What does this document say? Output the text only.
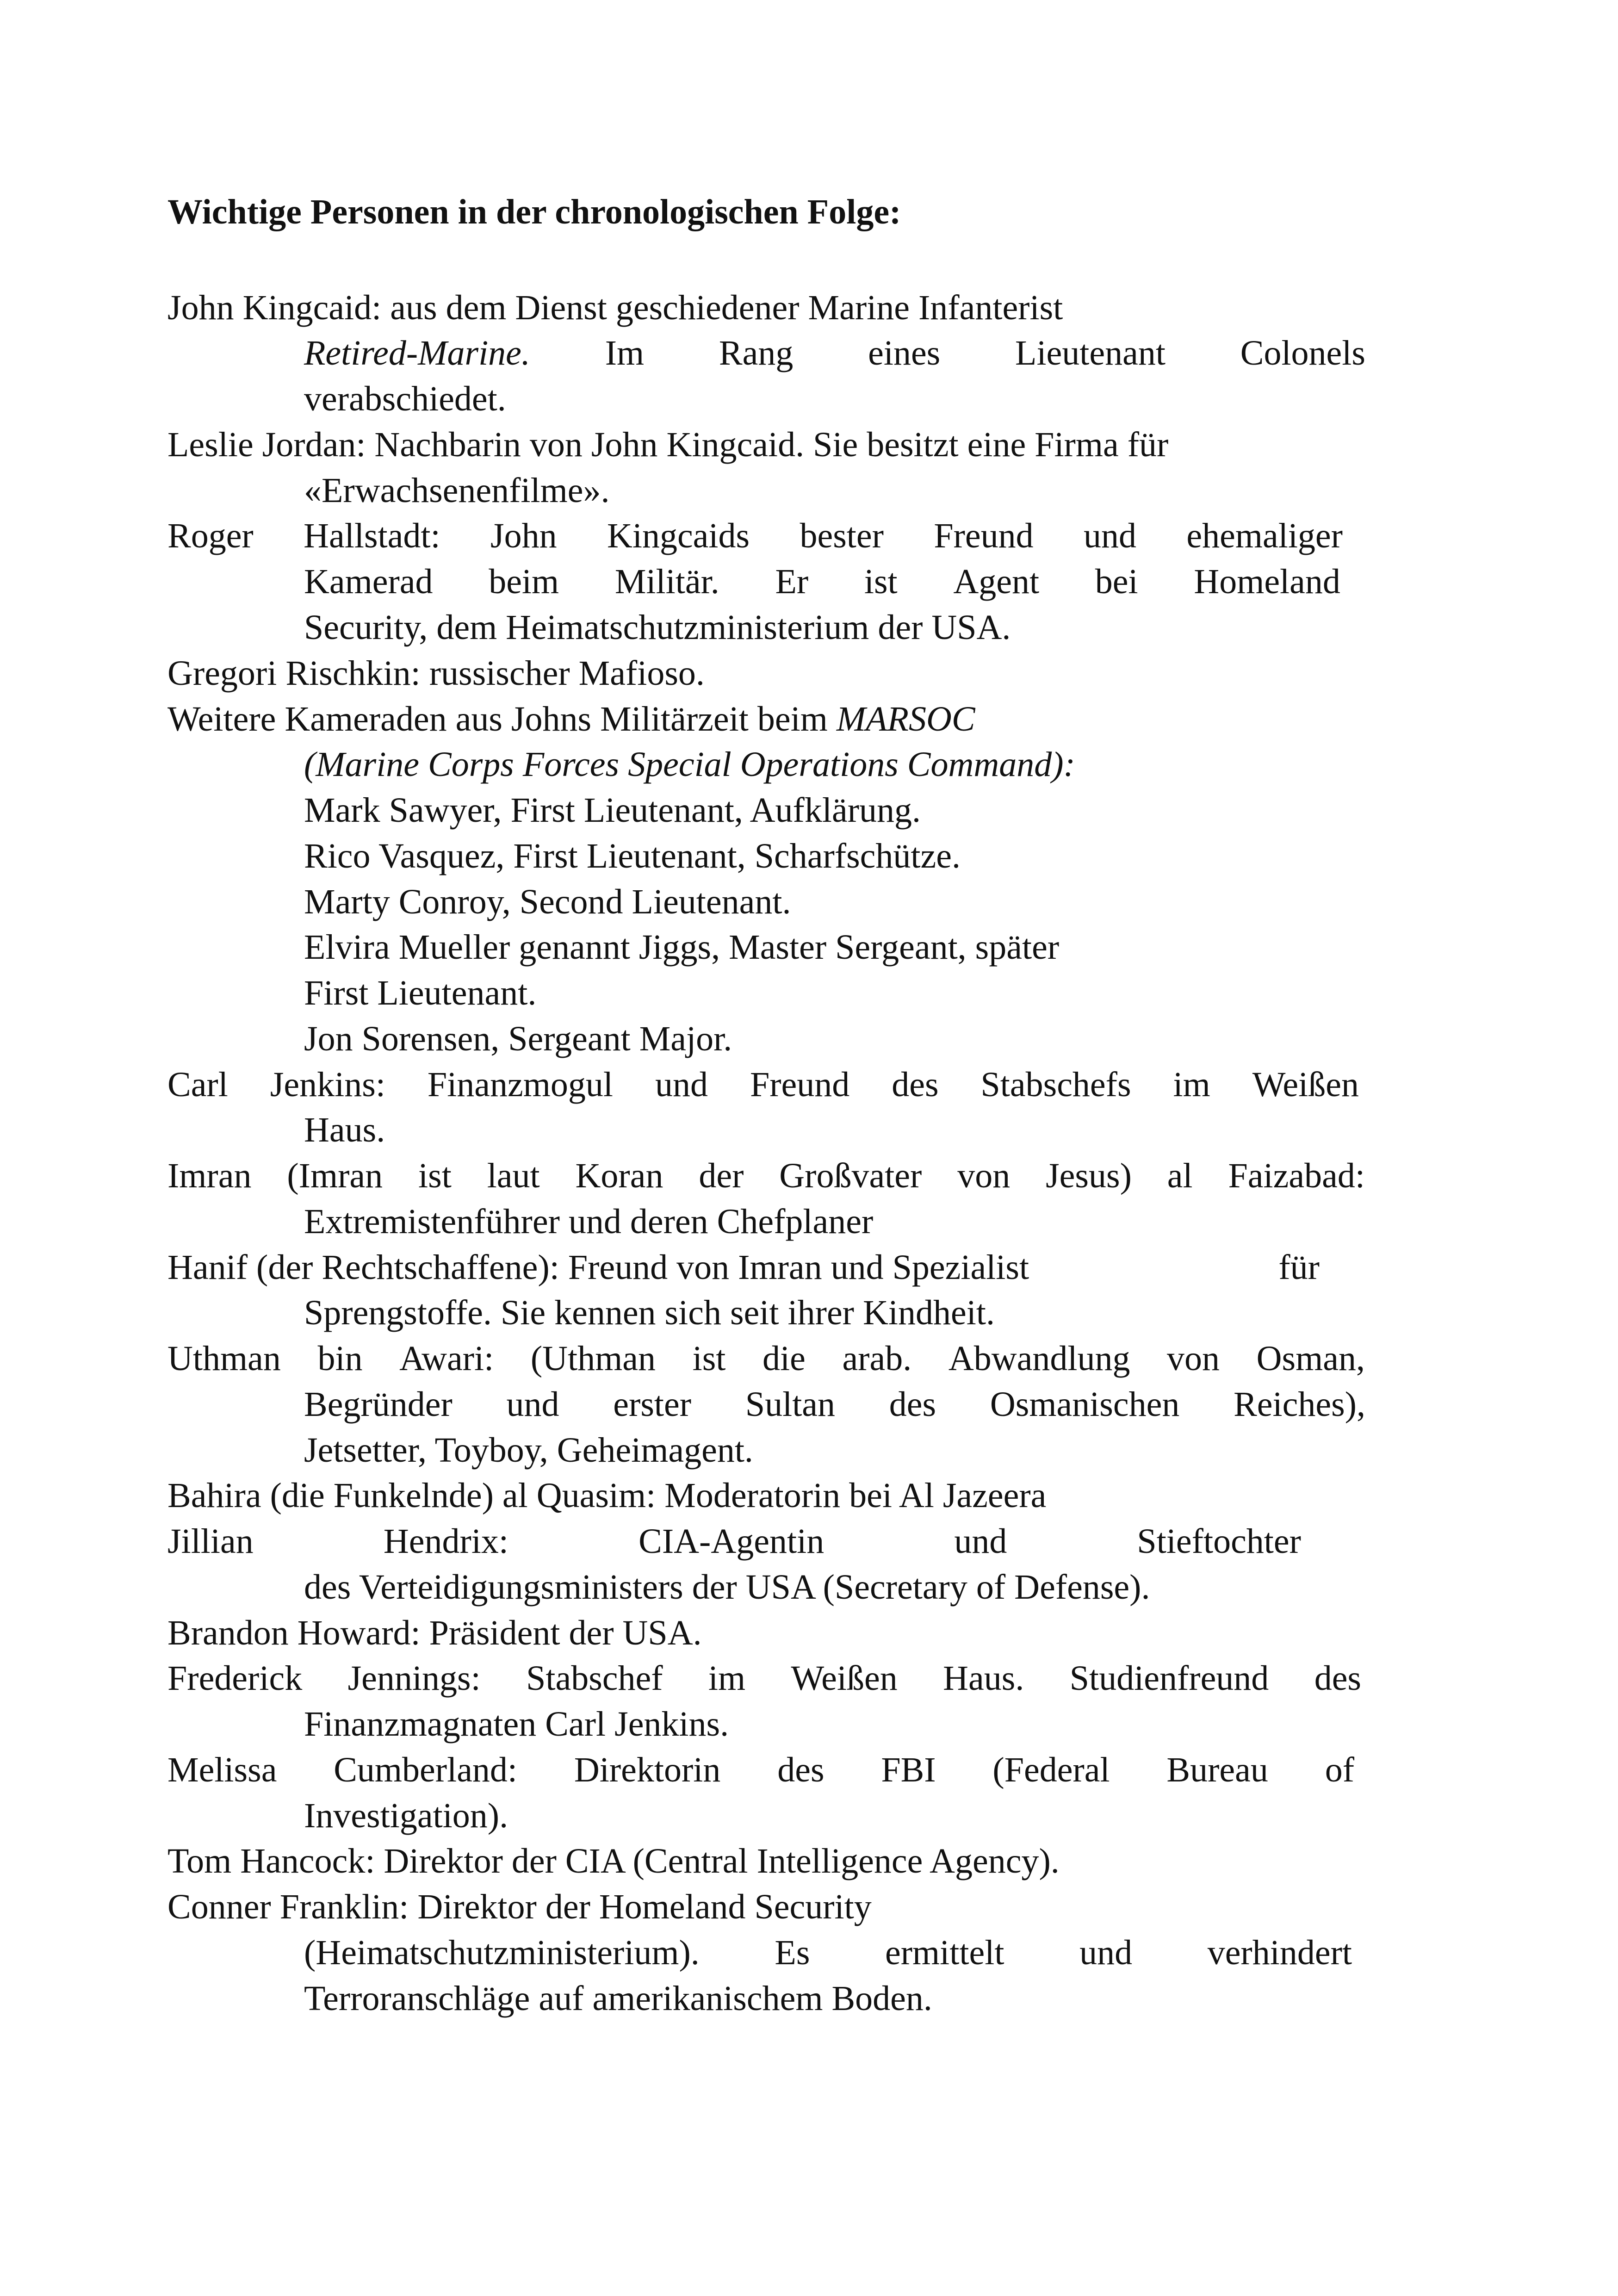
Wichtige Personen in der chronologischen Folge:
John Kingcaid: aus dem Dienst geschiedener Marine Infanterist
Retired-Marine. Im Rang eines Lieutenant Colonels
verabschiedet.
Leslie Jordan: Nachbarin von John Kingcaid. Sie besitzt eine Firma für
«Erwachsenenfilme».
Roger Hallstadt: John Kingcaids bester Freund und ehemaliger
Kamerad beim Militär. Er ist Agent bei Homeland
Security, dem Heimatschutzministerium der USA.
Gregori Rischkin: russischer Mafioso.
Weitere Kameraden aus Johns Militärzeit beim MARSOC
(Marine Corps Forces Special Operations Command):
Mark Sawyer, First Lieutenant, Aufklärung.
Rico Vasquez, First Lieutenant, Scharfschütze.
Marty Conroy, Second Lieutenant.
Elvira Mueller genannt Jiggs, Master Sergeant, später
First Lieutenant.
Jon Sorensen, Sergeant Major.
Carl Jenkins: Finanzmogul und Freund des Stabschefs im Weißen
Haus.
Imran (Imran ist laut Koran der Großvater von Jesus) al Faizabad:
Extremistenführer und deren Chefplaner
Hanif (der Rechtschaffene): Freund von Imran und Spezialist	für
Sprengstoffe. Sie kennen sich seit ihrer Kindheit.
Uthman bin Awari: (Uthman ist die arab. Abwandlung von Osman,
Begründer und erster Sultan des Osmanischen Reiches),
Jetsetter, Toyboy, Geheimagent.
Bahira (die Funkelnde) al Quasim: Moderatorin bei Al Jazeera
Jillian	Hendrix:	CIA-Agentin	und	Stieftochter
des Verteidigungsministers der USA (Secretary of Defense).
Brandon Howard: Präsident der USA.
Frederick Jennings: Stabschef im Weißen Haus. Studienfreund des
Finanzmagnaten Carl Jenkins.
Melissa Cumberland: Direktorin des FBI (Federal Bureau of
Investigation).
Tom Hancock: Direktor der CIA (Central Intelligence Agency).
Conner Franklin: Direktor der Homeland Security
(Heimatschutzministerium). Es ermittelt und verhindert
Terroranschläge auf amerikanischem Boden.
